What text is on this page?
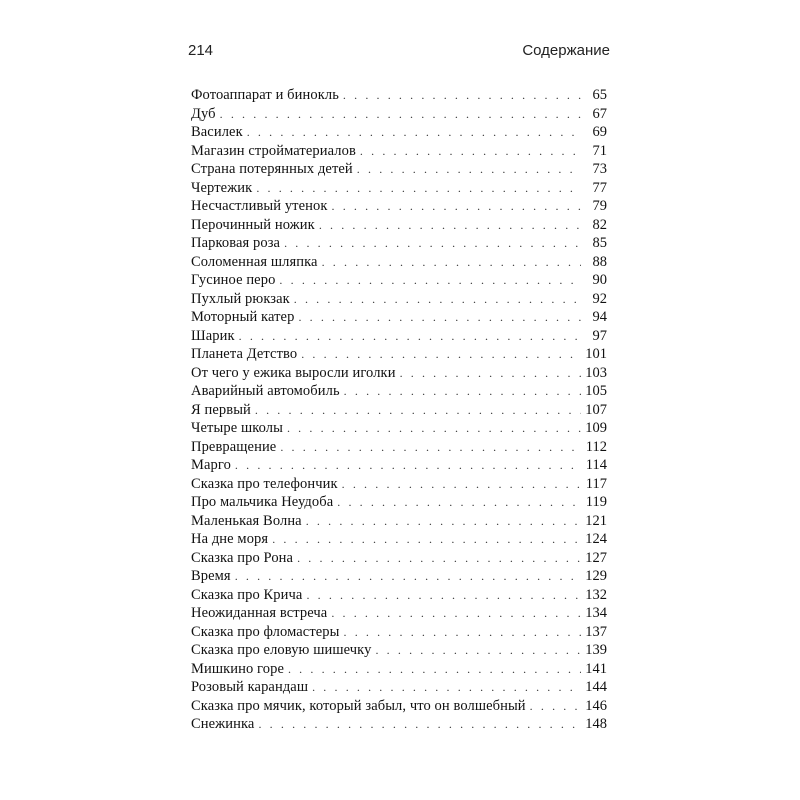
214	Содержание
Фотоаппарат и бинокль . . .	65
Дуб . . .	67
Василек . . .	69
Магазин стройматериалов . . .	71
Страна потерянных детей . . .	73
Чертежик . . .	77
Несчастливый утенок . . .	79
Перочинный ножик . . .	82
Парковая роза . . .	85
Соломенная шляпка . . .	88
Гусиное перо . . .	90
Пухлый рюкзак . . .	92
Моторный катер . . .	94
Шарик . . .	97
Планета Детство . . .	101
От чего у ежика выросли иголки . . .	103
Аварийный автомобиль . . .	105
Я первый . . .	107
Четыре школы . . .	109
Превращение . . .	112
Марго . . .	114
Сказка про телефончик . . .	117
Про мальчика Неудоба . . .	119
Маленькая Волна . . .	121
На дне моря . . .	124
Сказка про Рона . . .	127
Время . . .	129
Сказка про Крича . . .	132
Неожиданная встреча . . .	134
Сказка про фломастеры . . .	137
Сказка про еловую шишечку . . .	139
Мишкино горе . . .	141
Розовый карандаш . . .	144
Сказка про мячик, который забыл, что он волшебный . . .	146
Снежинка . . .	148
